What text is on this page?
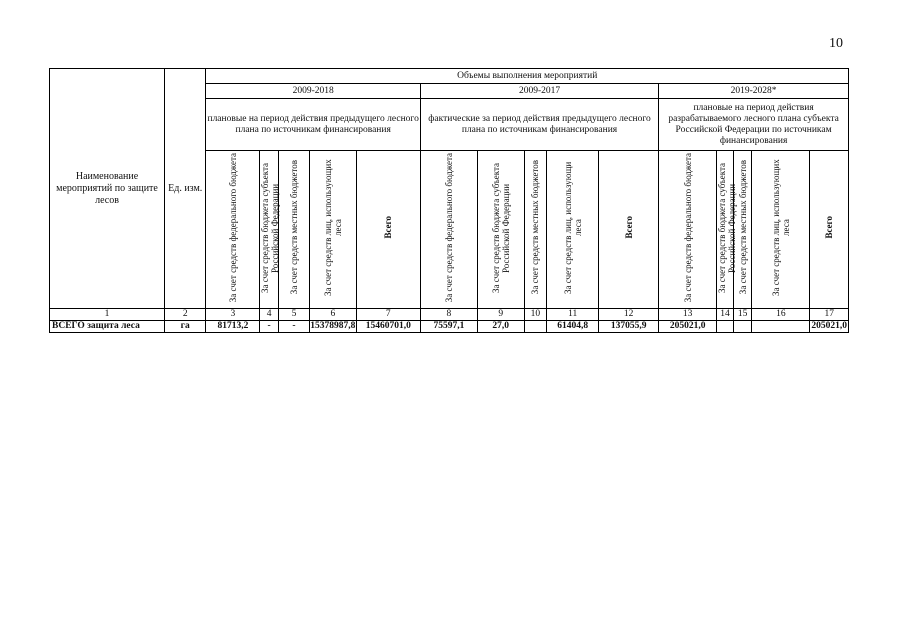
10
Наименование мероприятий по защите лесов	Ед. изм.	Объемы выполнения мероприятий														
		2009-2018					2009-2017					2019-2028*				
		плановые на период действия предыдущего лесного плана по источникам финансирования					фактические за период действия предыдущего лесного плана по источникам финансирования					плановые на период действия разрабатываемого лесного плана субъекта Российской Федерации по источникам финансирования				
		За счет средств федерального бюджета	За счет средств бюджета субъекта Российской Федерации	За счет средств местных бюджетов	За счет средств лиц, использующих леса	Всего	За счет средств федерального бюджета	За счет средств бюджета субъекта Российской Федерации	За счет средств местных бюджетов	За счет средств лиц, использующи леса	Всего	За счет средств федерального бюджета	За счет средств бюджета субъекта Российской Федерации	За счет средств местных бюджетов	За счет средств лиц, использующих леса	Всего
1	2	3	4	5	6	7	8	9	10	11	12	13	14	15	16	17
ВСЕГО защита леса	га	81713,2	-	-	15378987,8	15460701,0	75597,1	27,0		61404,8	137055,9	205021,0				205021,0
